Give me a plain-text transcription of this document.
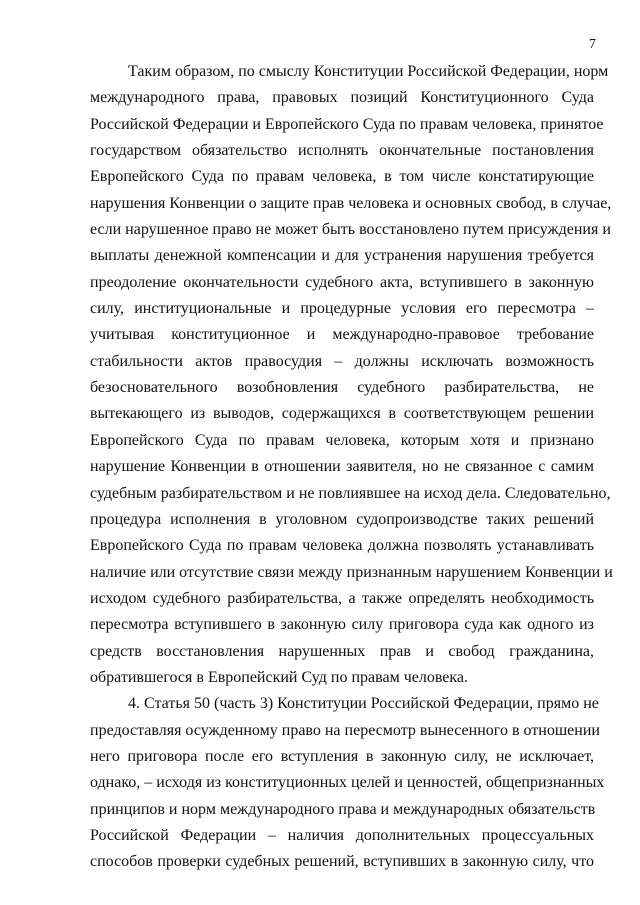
7
Таким образом, по смыслу Конституции Российской Федерации, норм
международного права, правовых позиций Конституционного Суда
Российской Федерации и Европейского Суда по правам человека, принятое
государством обязательство исполнять окончательные постановления
Европейского Суда по правам человека, в том числе констатирующие
нарушения Конвенции о защите прав человека и основных свобод, в случае,
если нарушенное право не может быть восстановлено путем присуждения и
выплаты денежной компенсации и для устранения нарушения требуется
преодоление окончательности судебного акта, вступившего в законную
силу, институциональные и процедурные условия его пересмотра –
учитывая конституционное и международно-правовое требование
стабильности актов правосудия – должны исключать возможность
безосновательного возобновления судебного разбирательства, не
вытекающего из выводов, содержащихся в соответствующем решении
Европейского Суда по правам человека, которым хотя и признано
нарушение Конвенции в отношении заявителя, но не связанное с самим
судебным разбирательством и не повлиявшее на исход дела. Следовательно,
процедура исполнения в уголовном судопроизводстве таких решений
Европейского Суда по правам человека должна позволять устанавливать
наличие или отсутствие связи между признанным нарушением Конвенции и
исходом судебного разбирательства, а также определять необходимость
пересмотра вступившего в законную силу приговора суда как одного из
средств восстановления нарушенных прав и свобод гражданина,
обратившегося в Европейский Суд по правам человека.
4. Статья 50 (часть 3) Конституции Российской Федерации, прямо не
предоставляя осужденному право на пересмотр вынесенного в отношении
него приговора после его вступления в законную силу, не исключает,
однако, – исходя из конституционных целей и ценностей, общепризнанных
принципов и норм международного права и международных обязательств
Российской Федерации – наличия дополнительных процессуальных
способов проверки судебных решений, вступивших в законную силу, что
